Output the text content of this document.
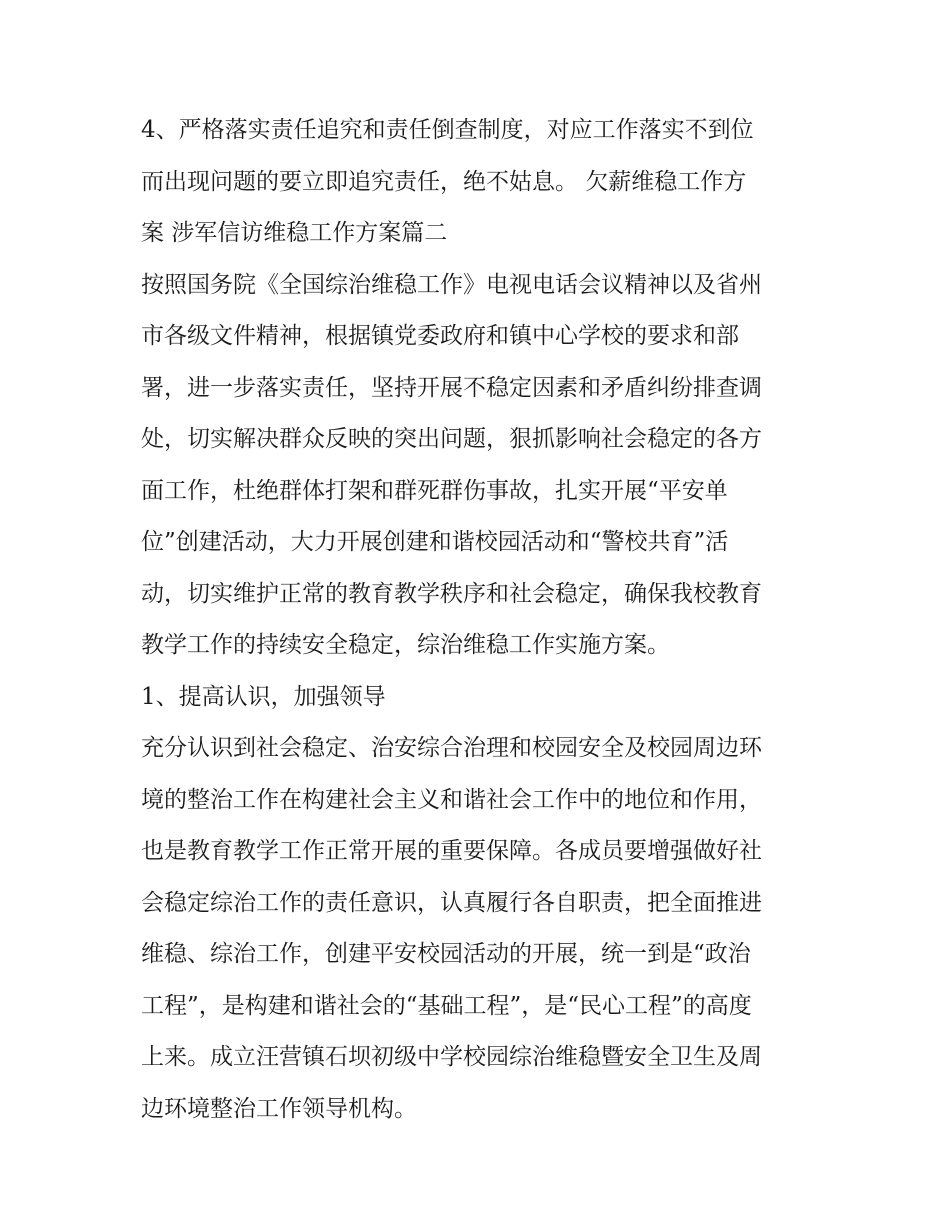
4、严格落实责任追究和责任倒查制度，对应工作落实不到位
而出现问题的要立即追究责任，绝不姑息。 欠薪维稳工作方
案 涉军信访维稳工作方案篇二
按照国务院《全国综治维稳工作》电视电话会议精神以及省州
市各级文件精神，根据镇党委政府和镇中心学校的要求和部
署，进一步落实责任，坚持开展不稳定因素和矛盾纠纷排查调
处，切实解决群众反映的突出问题，狠抓影响社会稳定的各方
面工作，杜绝群体打架和群死群伤事故，扎实开展“平安单
位”创建活动，大力开展创建和谐校园活动和“警校共育”活
动，切实维护正常的教育教学秩序和社会稳定，确保我校教育
教学工作的持续安全稳定，综治维稳工作实施方案。
1、提高认识，加强领导
充分认识到社会稳定、治安综合治理和校园安全及校园周边环
境的整治工作在构建社会主义和谐社会工作中的地位和作用，
也是教育教学工作正常开展的重要保障。各成员要增强做好社
会稳定综治工作的责任意识，认真履行各自职责，把全面推进
维稳、综治工作，创建平安校园活动的开展，统一到是“政治
工程”，是构建和谐社会的“基础工程”，是“民心工程”的高度
上来。成立汪营镇石坝初级中学校园综治维稳暨安全卫生及周
边环境整治工作领导机构。
